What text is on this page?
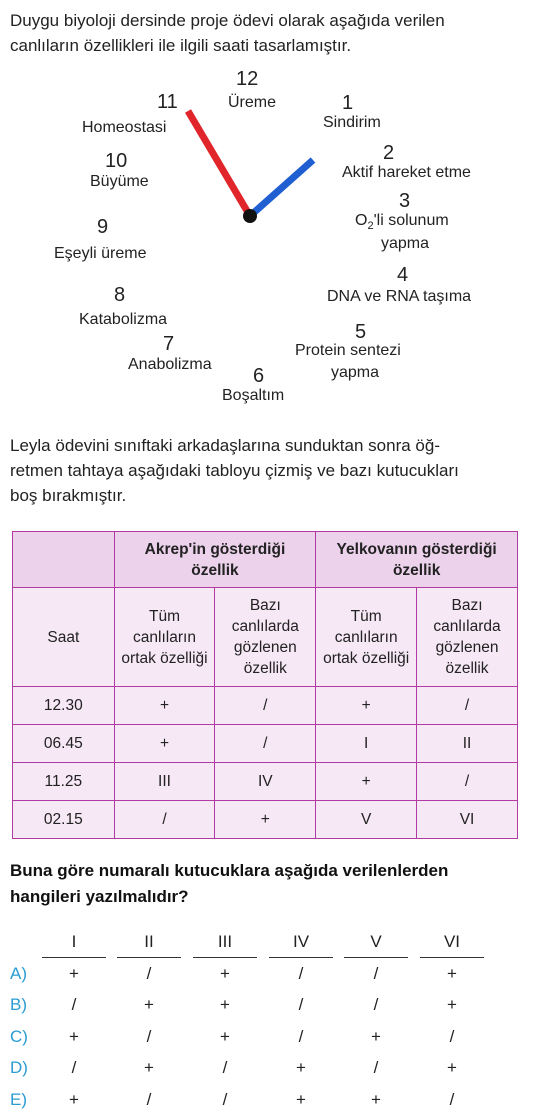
Duygu biyoloji dersinde proje ödevi olarak aşağıda verilen
canlıların özellikleri ile ilgili saati tasarlamıştır.
12
Üreme	1
Sindirim
2
Aktif hareket etme
3
$O_2'li$ solunum
yapma
4
DNA ve RNA taşıma
5
Protein sentezi
yapma
6
Boşaltım
7
Anabolizma
8
Katabolizma
9
Eşeyli üreme
10
Büyüme
11
Homeostasi
Leyla ödevini sınıftaki arkadaşlarına sunduktan sonra öğ-
retmen tahtaya aşağıdaki tabloyu çizmiş ve bazı kutucukları
boş bırakmıştır.
	Akrep'in gösterdiği özellik		Yelkovanın gösterdiği özellik	
Saat	Tüm canlıların ortak özelliği	Bazı canlılarda gözlenen özellik	Tüm canlıların ortak özelliği	Bazı canlılarda gözlenen özellik
12.30	+	/	+	/
06.45	+	/	I	II
11.25	III	IV	+	/
02.15	/	+	V	VI
Buna göre numaralı kutucuklara aşağıda verilenlerden
hangileri yazılmalıdır?
I	II	III	IV	V	VI
A)	+	/	+	/	/	+
B)	/	+	+	/	/	+
C)	+	/	+	/	+	/
D)	/	+	/	+	/	+
E)	+	/	/	+	+	/
